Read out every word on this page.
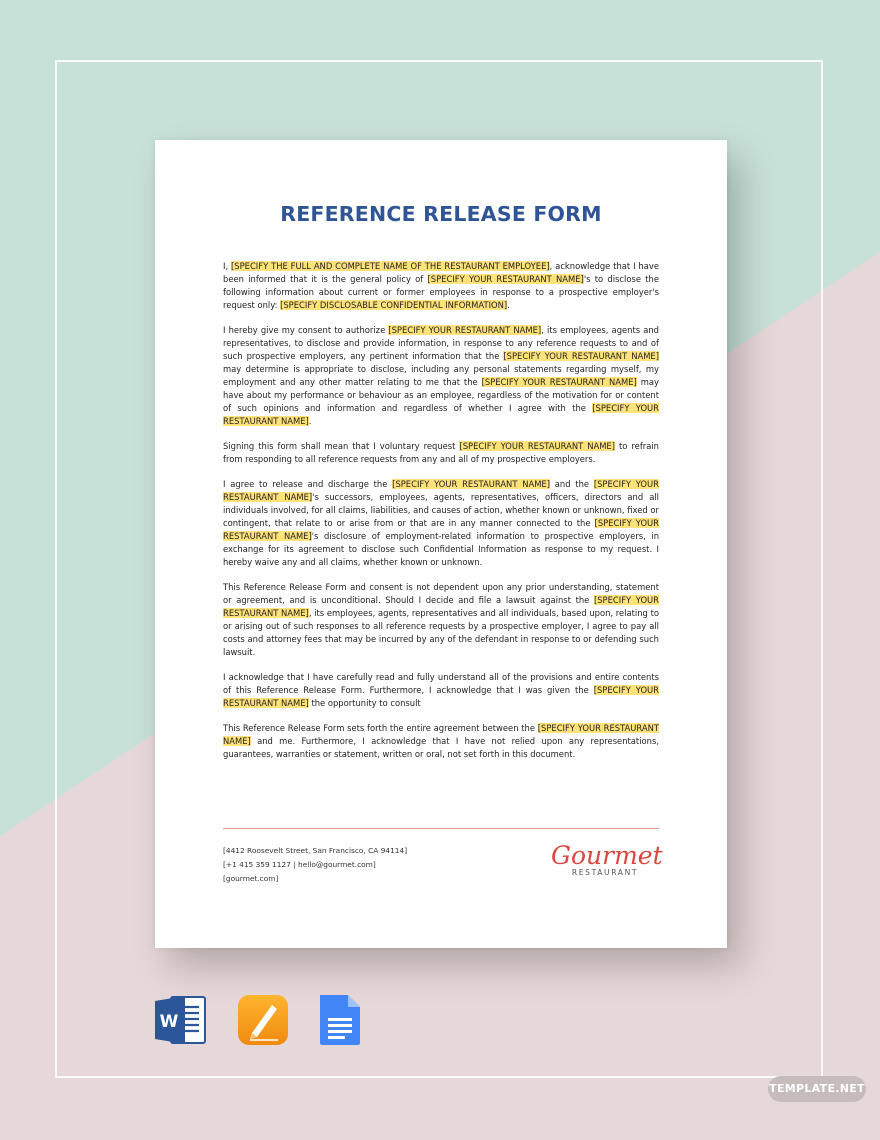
REFERENCE RELEASE FORM

I, [SPECIFY THE FULL AND COMPLETE NAME OF THE RESTAURANT EMPLOYEE], acknowledge that I have been informed that it is the general policy of [SPECIFY YOUR RESTAURANT NAME]'s to disclose the following information about current or former employees in response to a prospective employer's request only: [SPECIFY DISCLOSABLE CONFIDENTIAL INFORMATION].

I hereby give my consent to authorize [SPECIFY YOUR RESTAURANT NAME], its employees, agents and representatives, to disclose and provide information, in response to any reference requests to and of such prospective employers, any pertinent information that the [SPECIFY YOUR RESTAURANT NAME] may determine is appropriate to disclose, including any personal statements regarding myself, my employment and any other matter relating to me that the [SPECIFY YOUR RESTAURANT NAME] may have about my performance or behaviour as an employee, regardless of the motivation for or content of such opinions and information and regardless of whether I agree with the [SPECIFY YOUR RESTAURANT NAME].

Signing this form shall mean that I voluntary request [SPECIFY YOUR RESTAURANT NAME] to refrain from responding to all reference requests from any and all of my prospective employers.

I agree to release and discharge the [SPECIFY YOUR RESTAURANT NAME] and the [SPECIFY YOUR RESTAURANT NAME]'s successors, employees, agents, representatives, officers, directors and all individuals involved, for all claims, liabilities, and causes of action, whether known or unknown, fixed or contingent, that relate to or arise from or that are in any manner connected to the [SPECIFY YOUR RESTAURANT NAME]'s disclosure of employment-related information to prospective employers, in exchange for its agreement to disclose such Confidential Information as response to my request. I hereby waive any and all claims, whether known or unknown.

This Reference Release Form and consent is not dependent upon any prior understanding, statement or agreement, and is unconditional. Should I decide and file a lawsuit against the [SPECIFY YOUR RESTAURANT NAME], its employees, agents, representatives and all individuals, based upon, relating to or arising out of such responses to all reference requests by a prospective employer, I agree to pay all costs and attorney fees that may be incurred by any of the defendant in response to or defending such lawsuit.

I acknowledge that I have carefully read and fully understand all of the provisions and entire contents of this Reference Release Form. Furthermore, I acknowledge that I was given the [SPECIFY YOUR RESTAURANT NAME] the opportunity to consult

This Reference Release Form sets forth the entire agreement between the [SPECIFY YOUR RESTAURANT NAME] and me. Furthermore, I acknowledge that I have not relied upon any representations, guarantees, warranties or statement, written or oral, not set forth in this document.

[4412 Roosevelt Street, San Francisco, CA 94114]
[+1 415 359 1127 | hello@gourmet.com]
[gourmet.com]
Gourmet
RESTAURANT
W
TEMPLATE.NET
